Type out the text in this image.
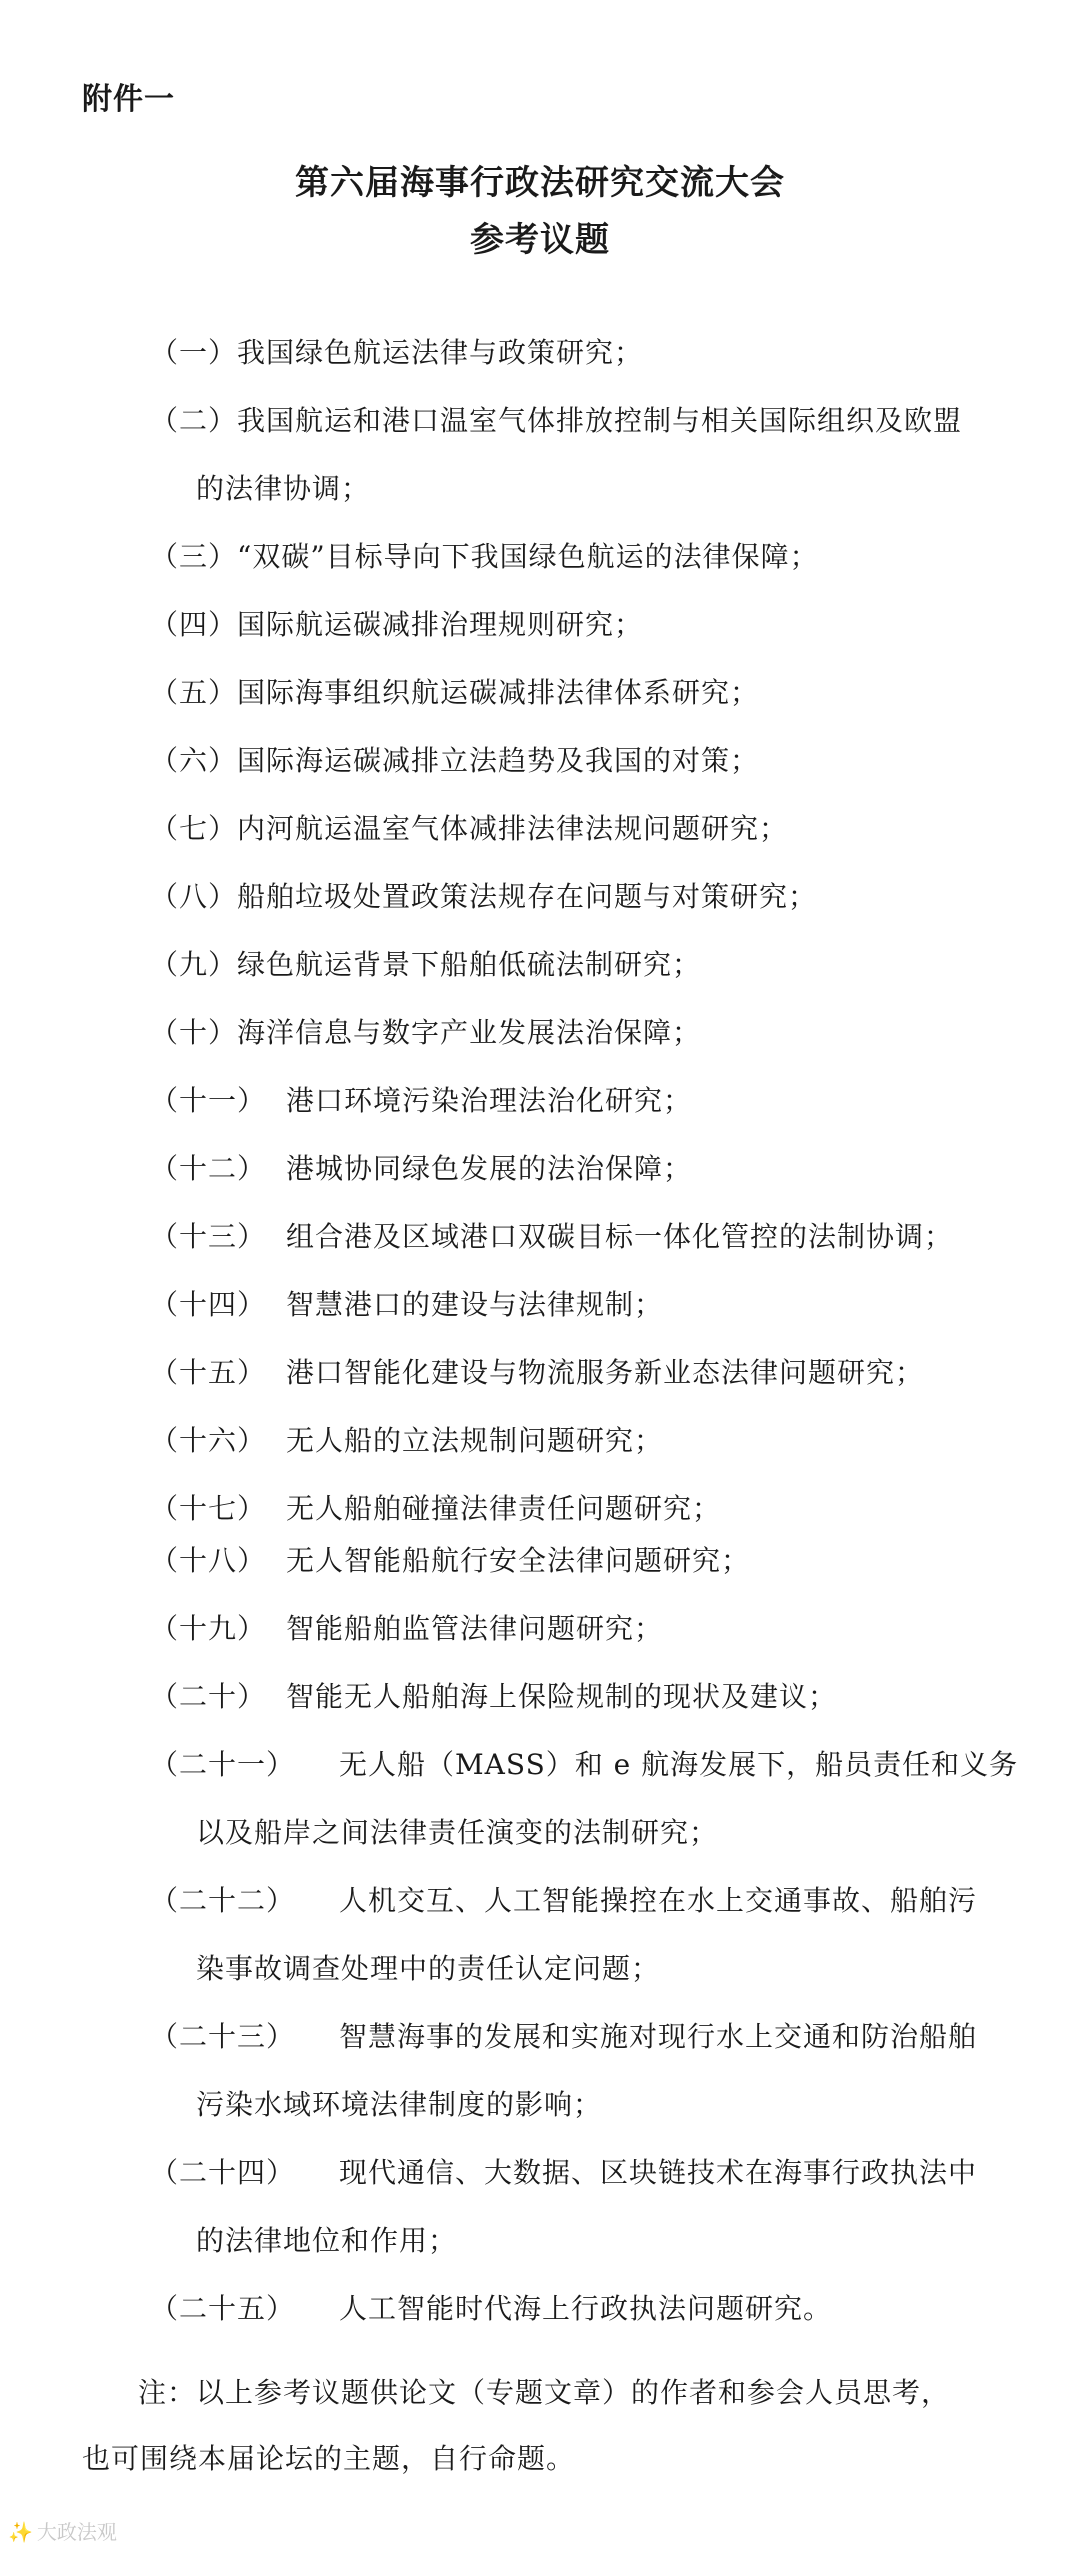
附件一
第六届海事行政法研究交流大会
参考议题
（一）我国绿色航运法律与政策研究；
（二）我国航运和港口温室气体排放控制与相关国际组织及欧盟
的法律协调；
（三）“双碳”目标导向下我国绿色航运的法律保障；
（四）国际航运碳减排治理规则研究；
（五）国际海事组织航运碳减排法律体系研究；
（六）国际海运碳减排立法趋势及我国的对策；
（七）内河航运温室气体减排法律法规问题研究；
（八）船舶垃圾处置政策法规存在问题与对策研究；
（九）绿色航运背景下船舶低硫法制研究；
（十）海洋信息与数字产业发展法治保障；
（十一） 港口环境污染治理法治化研究；
（十二） 港城协同绿色发展的法治保障；
（十三） 组合港及区域港口双碳目标一体化管控的法制协调；
（十四） 智慧港口的建设与法律规制；
（十五） 港口智能化建设与物流服务新业态法律问题研究；
（十六） 无人船的立法规制问题研究；
（十七） 无人船舶碰撞法律责任问题研究；
（十八） 无人智能船航行安全法律问题研究；
（十九） 智能船舶监管法律问题研究；
（二十） 智能无人船舶海上保险规制的现状及建议；
（二十一） 无人船（MASS）和 e 航海发展下，船员责任和义务
以及船岸之间法律责任演变的法制研究；
（二十二） 人机交互、人工智能操控在水上交通事故、船舶污
染事故调查处理中的责任认定问题；
（二十三） 智慧海事的发展和实施对现行水上交通和防治船舶
污染水域环境法律制度的影响；
（二十四） 现代通信、大数据、区块链技术在海事行政执法中
的法律地位和作用；
（二十五） 人工智能时代海上行政执法问题研究。
注：以上参考议题供论文（专题文章）的作者和参会人员思考，
也可围绕本届论坛的主题，自行命题。
✨ 大政法观
